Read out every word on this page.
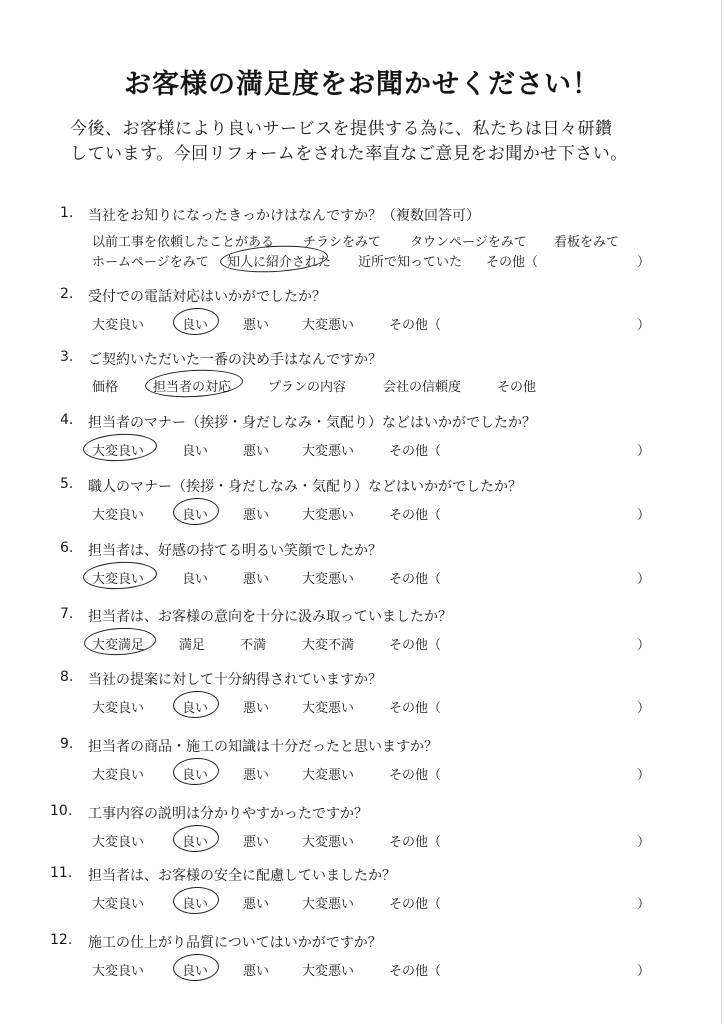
お客様の満足度をお聞かせください！
今後、お客様により良いサービスを提供する為に、私たちは日々研鑽
しています。今回リフォームをされた率直なご意見をお聞かせ下さい。
1. 当社をお知りになったきっかけはなんですか？（複数回答可）
以前工事を依頼したことがある チラシをみて タウンページをみて 看板をみて
ホームページをみて 知人に紹介された 近所で知っていた その他（	）
2. 受付での電話対応はいかがでしたか？
大変良い	良い	悪い	大変悪い	その他（	）
3. ご契約いただいた一番の決め手はなんですか？
価格	担当者の対応	プランの内容	会社の信頼度	その他
4. 担当者のマナー（挨拶・身だしなみ・気配り）などはいかがでしたか？
大変良い	良い	悪い	大変悪い	その他（	）
5. 職人のマナー（挨拶・身だしなみ・気配り）などはいかがでしたか？
大変良い	良い	悪い	大変悪い	その他（	）
6. 担当者は、好感の持てる明るい笑顔でしたか？
大変良い	良い	悪い	大変悪い	その他（	）
7. 担当者は、お客様の意向を十分に汲み取っていましたか？
大変満足	満足	不満	大変不満	その他（	）
8. 当社の提案に対して十分納得されていますか？
大変良い	良い	悪い	大変悪い	その他（	）
9. 担当者の商品・施工の知識は十分だったと思いますか？
大変良い	良い	悪い	大変悪い	その他（	）
10. 工事内容の説明は分かりやすかったですか？
大変良い	良い	悪い	大変悪い	その他（	）
11. 担当者は、お客様の安全に配慮していましたか？
大変良い	良い	悪い	大変悪い	その他（	）
12. 施工の仕上がり品質についてはいかがですか？
大変良い	良い	悪い	大変悪い	その他（	）
